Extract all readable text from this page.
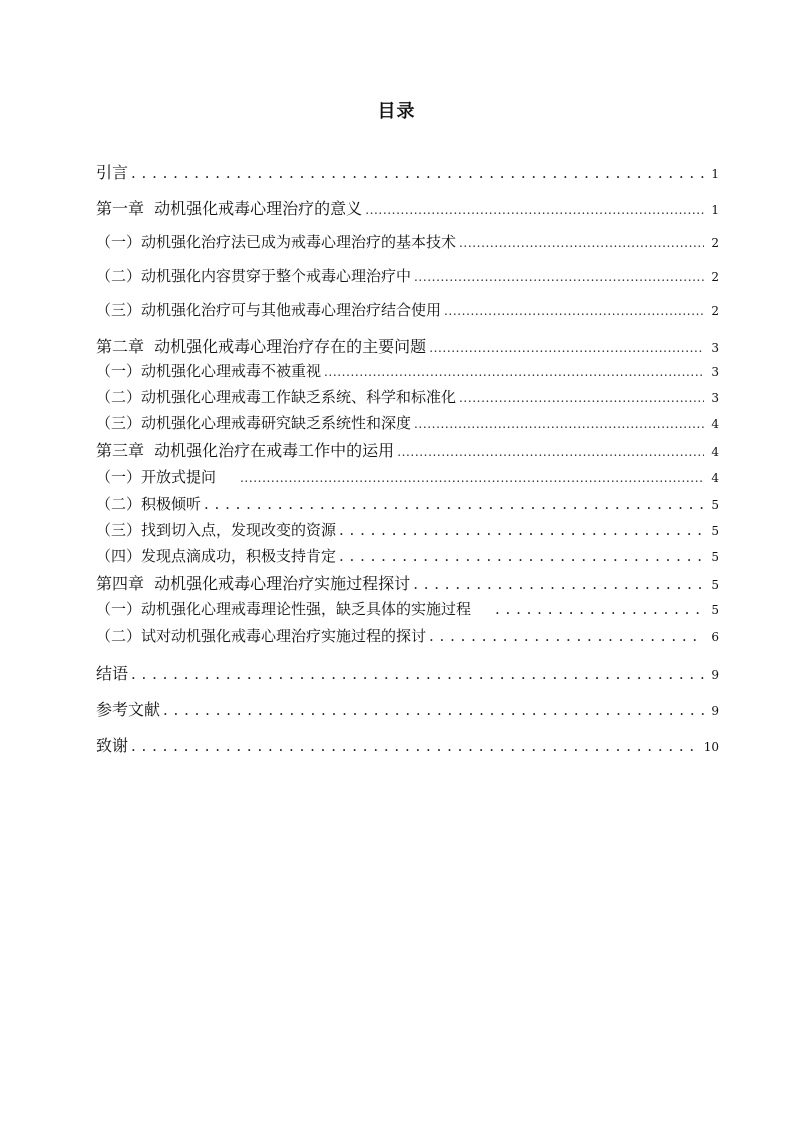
目录
引言 . . .	1
第一章  动机强化戒毒心理治疗的意义 .....	1
（一）动机强化治疗法已成为戒毒心理治疗的基本技术 .....	2
（二）动机强化内容贯穿于整个戒毒心理治疗中 .....	2
（三）动机强化治疗可与其他戒毒心理治疗结合使用 .....	2
第二章  动机强化戒毒心理治疗存在的主要问题 .....	3
（一）动机强化心理戒毒不被重视 .....	3
（二）动机强化心理戒毒工作缺乏系统、科学和标准化 .....	3
（三）动机强化心理戒毒研究缺乏系统性和深度 .....	4
第三章  动机强化治疗在戒毒工作中的运用 .....	4
（一）开放式提问 .....	4
（二）积极倾听 . . .	5
（三）找到切入点，发现改变的资源 . . .	5
（四）发现点滴成功，积极支持肯定 . . .	5
第四章  动机强化戒毒心理治疗实施过程探讨 . . .	5
（一）动机强化心理戒毒理论性强，缺乏具体的实施过程 . . .	5
（二）试对动机强化戒毒心理治疗实施过程的探讨 . . .	6
结语 . . .	9
参考文献 . . .	9
致谢 . . .	10
